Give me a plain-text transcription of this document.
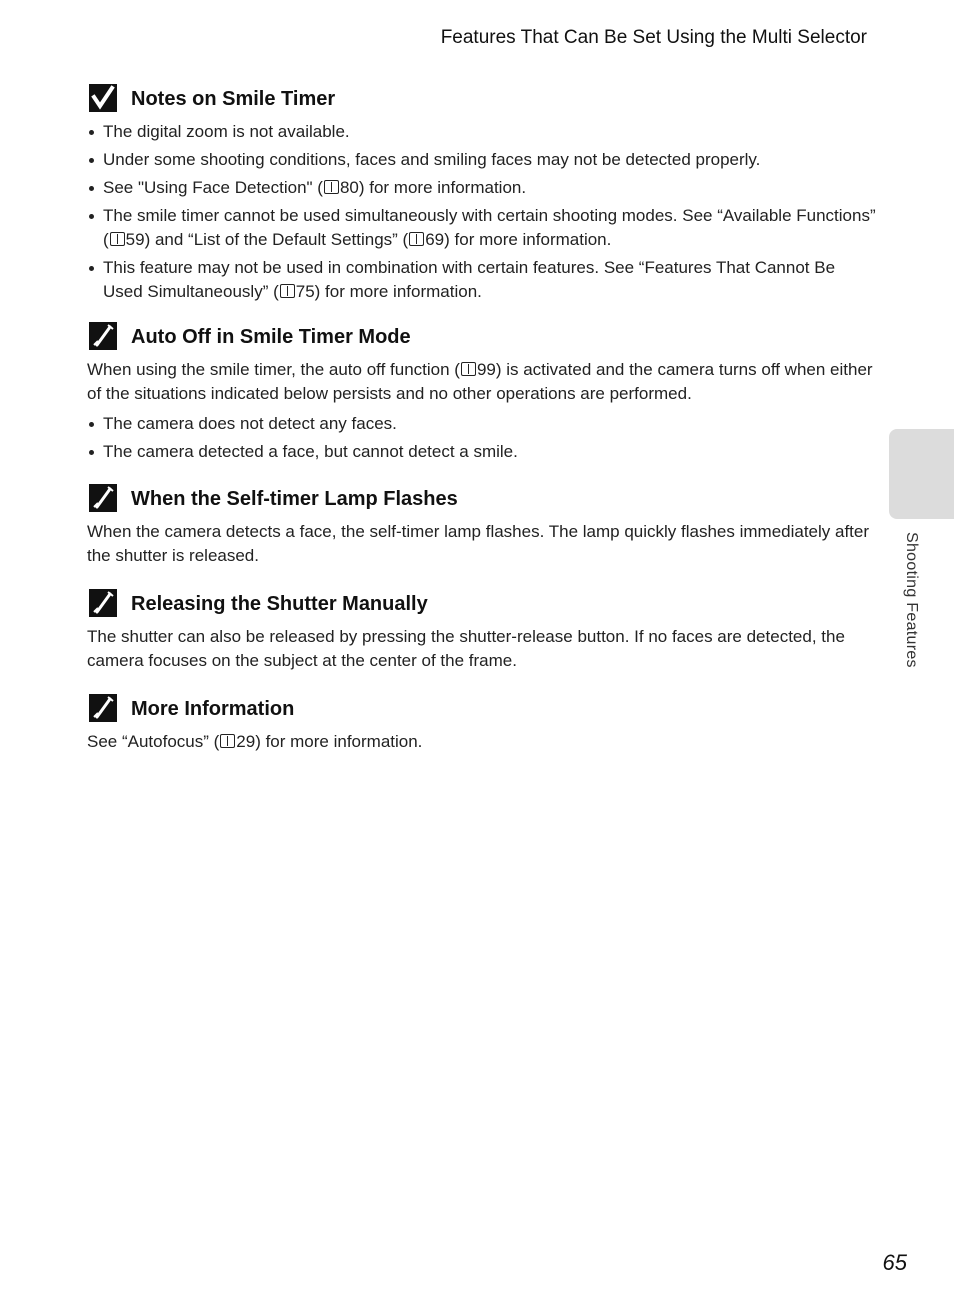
Features That Can Be Set Using the Multi Selector
Notes on Smile Timer
The digital zoom is not available.
Under some shooting conditions, faces and smiling faces may not be detected properly.
See "Using Face Detection" ( 80) for more information.
The smile timer cannot be used simultaneously with certain shooting modes. See “Available Functions” ( 59) and “List of the Default Settings” ( 69) for more information.
This feature may not be used in combination with certain features. See “Features That Cannot Be Used Simultaneously” ( 75) for more information.
Auto Off in Smile Timer Mode

When using the smile timer, the auto off function ( 99) is activated and the camera turns off when either of the situations indicated below persists and no other operations are performed.

The camera does not detect any faces.
The camera detected a face, but cannot detect a smile.
When the Self-timer Lamp Flashes

When the camera detects a face, the self-timer lamp flashes. The lamp quickly flashes immediately after the shutter is released.

Releasing the Shutter Manually

The shutter can also be released by pressing the shutter-release button. If no faces are detected, the camera focuses on the subject at the center of the frame.

More Information

See “Autofocus” ( 29) for more information.

Shooting Features
65
